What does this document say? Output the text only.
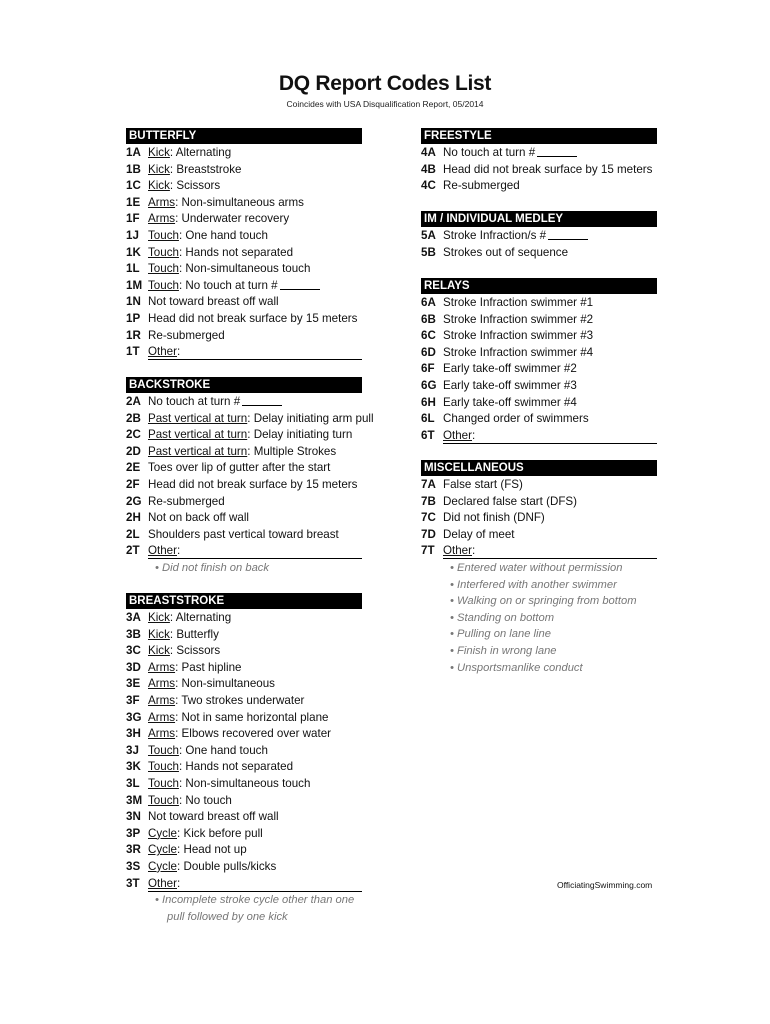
DQ Report Codes List
Coincides with USA Disqualification Report, 05/2014
BUTTERFLY
1A Kick: Alternating
1B Kick: Breaststroke
1C Kick: Scissors
1E Arms: Non-simultaneous arms
1F Arms: Underwater recovery
1J Touch: One hand touch
1K Touch: Hands not separated
1L Touch: Non-simultaneous touch
1M Touch: No touch at turn #
1N Not toward breast off wall
1P Head did not break surface by 15 meters
1R Re-submerged
1T Other:
BACKSTROKE
2A No touch at turn #
2B Past vertical at turn: Delay initiating arm pull
2C Past vertical at turn: Delay initiating turn
2D Past vertical at turn: Multiple Strokes
2E Toes over lip of gutter after the start
2F Head did not break surface by 15 meters
2G Re-submerged
2H Not on back off wall
2L Shoulders past vertical toward breast
2T Other:
• Did not finish on back
BREASTSTROKE
3A Kick: Alternating
3B Kick: Butterfly
3C Kick: Scissors
3D Arms: Past hipline
3E Arms: Non-simultaneous
3F Arms: Two strokes underwater
3G Arms: Not in same horizontal plane
3H Arms: Elbows recovered over water
3J Touch: One hand touch
3K Touch: Hands not separated
3L Touch: Non-simultaneous touch
3M Touch: No touch
3N Not toward breast off wall
3P Cycle: Kick before pull
3R Cycle: Head not up
3S Cycle: Double pulls/kicks
3T Other:
• Incomplete stroke cycle other than one
pull followed by one kick
FREESTYLE
4A No touch at turn #
4B Head did not break surface by 15 meters
4C Re-submerged
IM / INDIVIDUAL MEDLEY
5A Stroke Infraction/s #
5B Strokes out of sequence
RELAYS
6A Stroke Infraction swimmer #1
6B Stroke Infraction swimmer #2
6C Stroke Infraction swimmer #3
6D Stroke Infraction swimmer #4
6F Early take-off swimmer #2
6G Early take-off swimmer #3
6H Early take-off swimmer #4
6L Changed order of swimmers
6T Other:
MISCELLANEOUS
7A False start (FS)
7B Declared false start (DFS)
7C Did not finish (DNF)
7D Delay of meet
7T Other:
• Entered water without permission
• Interfered with another swimmer
• Walking on or springing from bottom
• Standing on bottom
• Pulling on lane line
• Finish in wrong lane
• Unsportsmanlike conduct
OfficiatingSwimming.com
